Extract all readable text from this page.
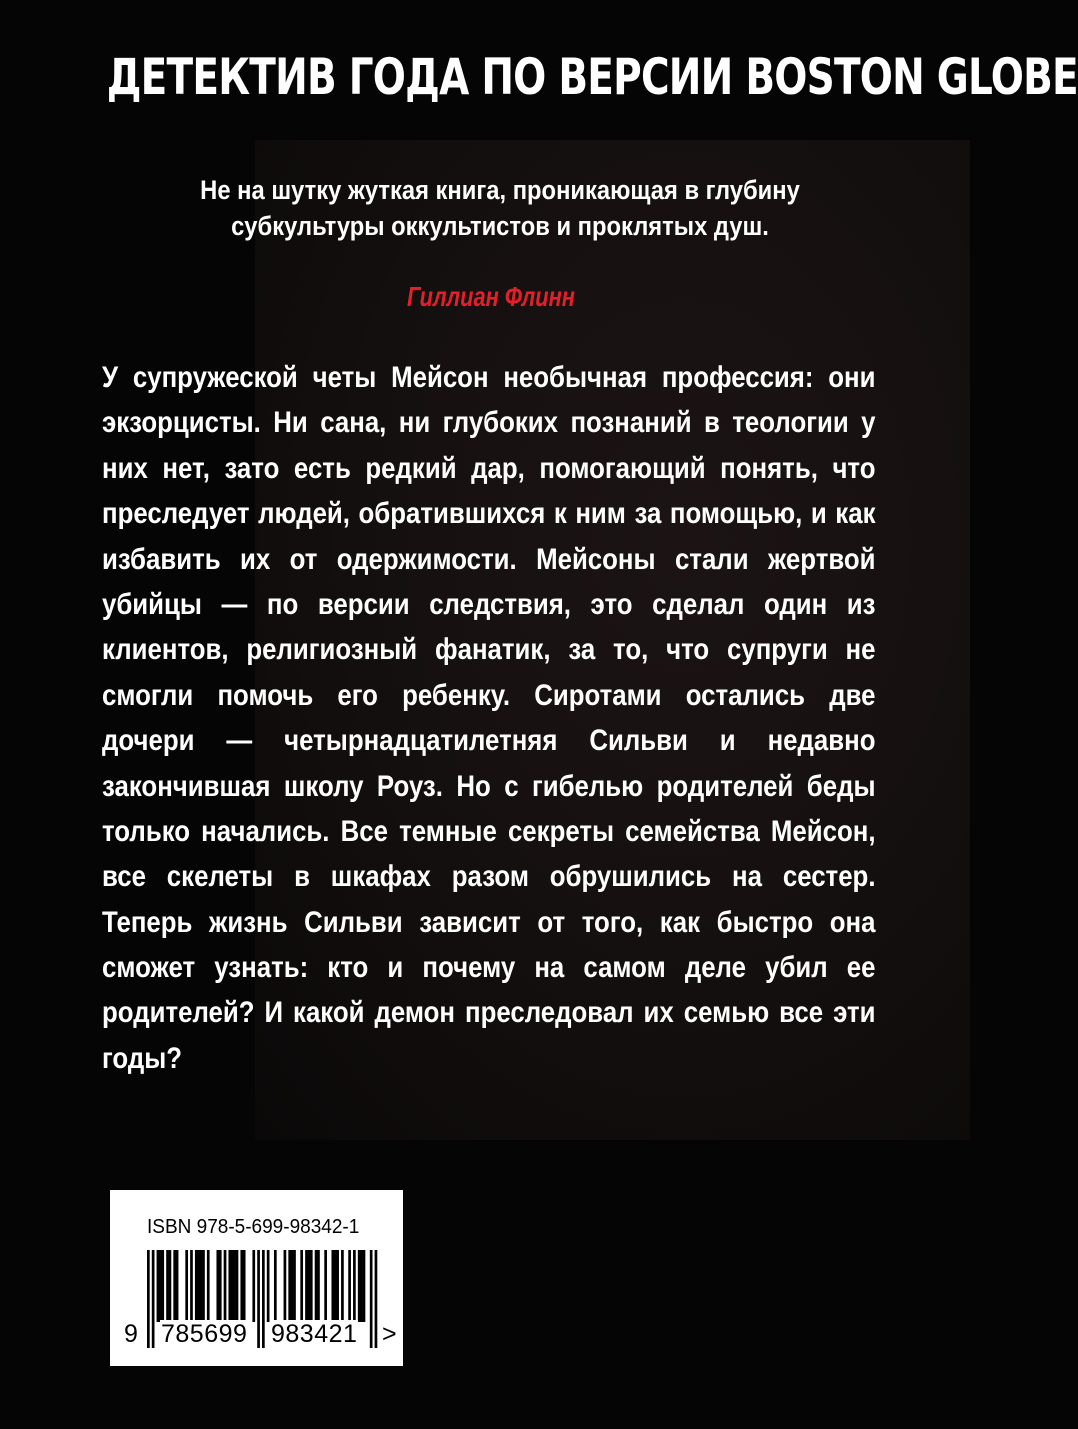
ДЕТЕКТИВ ГОДА ПО ВЕРСИИ BOSTON GLOBE
Не на шутку жуткая книга, проникающая в глубину
субкультуры оккультистов и проклятых душ.
Гиллиан Флинн
У супружеской четы Мейсон необычная профессия: они
экзорцисты. Ни сана, ни глубоких познаний в теологии у
них нет, зато есть редкий дар, помогающий понять, что
преследует людей, обратившихся к ним за помощью, и как
избавить их от одержимости. Мейсоны стали жертвой
убийцы — по версии следствия, это сделал один из
клиентов, религиозный фанатик, за то, что супруги не
смогли помочь его ребенку. Сиротами остались две
дочери — четырнадцатилетняя Сильви и недавно
закончившая школу Роуз. Но с гибелью родителей беды
только начались. Все темные секреты семейства Мейсон,
все скелеты в шкафах разом обрушились на сестер.
Теперь жизнь Сильви зависит от того, как быстро она
сможет узнать: кто и почему на самом деле убил ее
родителей? И какой демон преследовал их семью все эти
годы?
ISBN 978-5-699-98342-1
9 785699 983421 >
